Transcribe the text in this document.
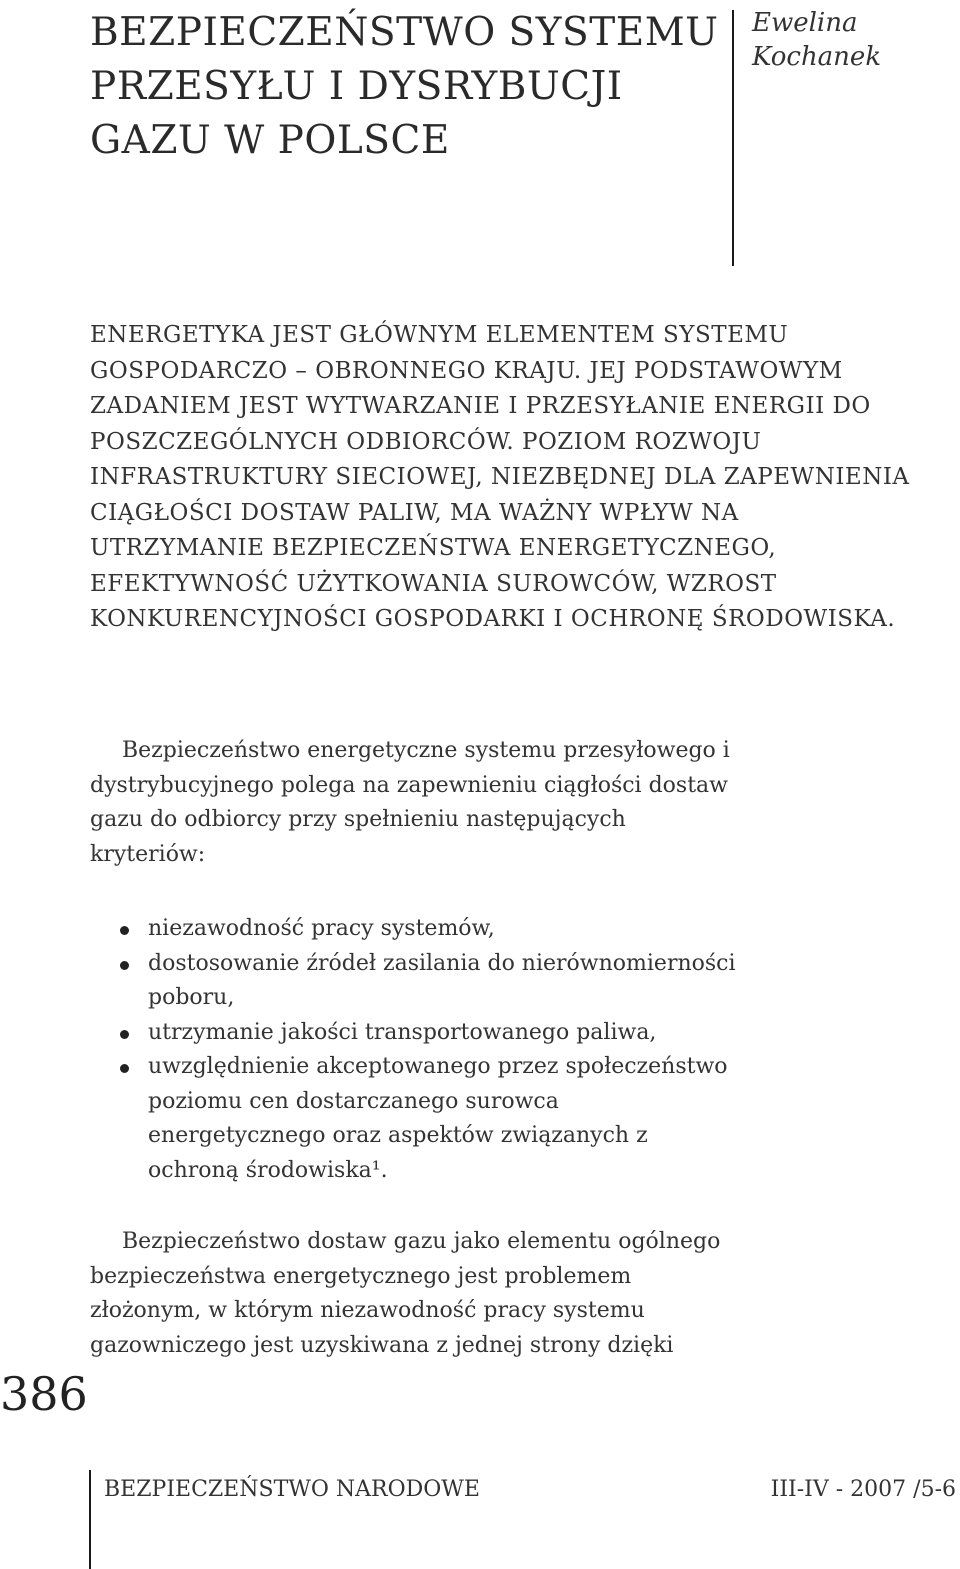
BEZPIECZEŃSTWO SYSTEMU
PRZESYŁU I DYSRYBUCJI
GAZU W POLSCE
Ewelina
Kochanek

ENERGETYKA JEST GŁÓWNYM ELEMENTEM SYSTEMU GOSPODARCZO – OBRONNEGO KRAJU. JEJ PODSTAWOWYM ZADANIEM JEST WYTWARZANIE I PRZESYŁANIE ENERGII DO POSZCZEGÓLNYCH ODBIORCÓW. POZIOM ROZWOJU INFRASTRUKTURY SIECIOWEJ, NIEZBĘDNEJ DLA ZAPEWNIENIA CIĄGŁOŚCI DOSTAW PALIW, MA WAŻNY WPŁYW NA UTRZYMANIE BEZPIECZEŃSTWA ENERGETYCZNEGO, EFEKTYWNOŚĆ UŻYTKOWANIA SUROWCÓW, WZROST KONKURENCYJNOŚCI GOSPODARKI I OCHRONĘ ŚRODOWISKA.

Bezpieczeństwo energetyczne systemu przesyłowego i dystrybucyjnego polega na zapewnieniu ciągłości dostaw gazu do odbiorcy przy spełnieniu następujących kryteriów:

niezawodność pracy systemów,
dostosowanie źródeł zasilania do nierównomierności poboru,
utrzymanie jakości transportowanego paliwa,
uwzględnienie akceptowanego przez społeczeństwo poziomu cen dostarczanego surowca energetycznego oraz aspektów związanych z ochroną środowiska¹.

Bezpieczeństwo dostaw gazu jako elementu ogólnego bezpieczeństwa energetycznego jest problemem złożonym, w którym niezawodność pracy systemu gazowniczego jest uzyskiwana z jednej strony dzięki

386
BEZPIECZEŃSTWO NARODOWE	III-IV - 2007 /5-6
